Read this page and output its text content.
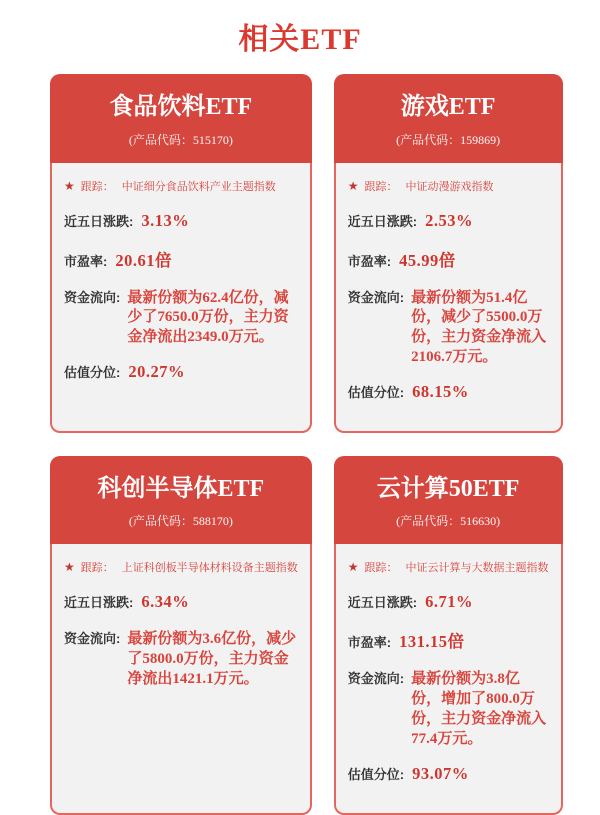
相关ETF
食品饮料ETF
(产品代码：515170)
★ 跟踪： 中证细分食品饮料产业主题指数
近五日涨跌: 3.13%
市盈率: 20.61倍
资金流向: 最新份额为62.4亿份，减少了7650.0万份，主力资金净流出2349.0万元。
估值分位: 20.27%
游戏ETF
(产品代码：159869)
★ 跟踪： 中证动漫游戏指数
近五日涨跌: 2.53%
市盈率: 45.99倍
资金流向: 最新份额为51.4亿份，减少了5500.0万份，主力资金净流入2106.7万元。
估值分位: 68.15%
科创半导体ETF
(产品代码：588170)
★ 跟踪： 上证科创板半导体材料设备主题指数
近五日涨跌: 6.34%
资金流向: 最新份额为3.6亿份，减少了5800.0万份，主力资金净流出1421.1万元。
云计算50ETF
(产品代码：516630)
★ 跟踪： 中证云计算与大数据主题指数
近五日涨跌: 6.71%
市盈率: 131.15倍
资金流向: 最新份额为3.8亿份，增加了800.0万份，主力资金净流入77.4万元。
估值分位: 93.07%
